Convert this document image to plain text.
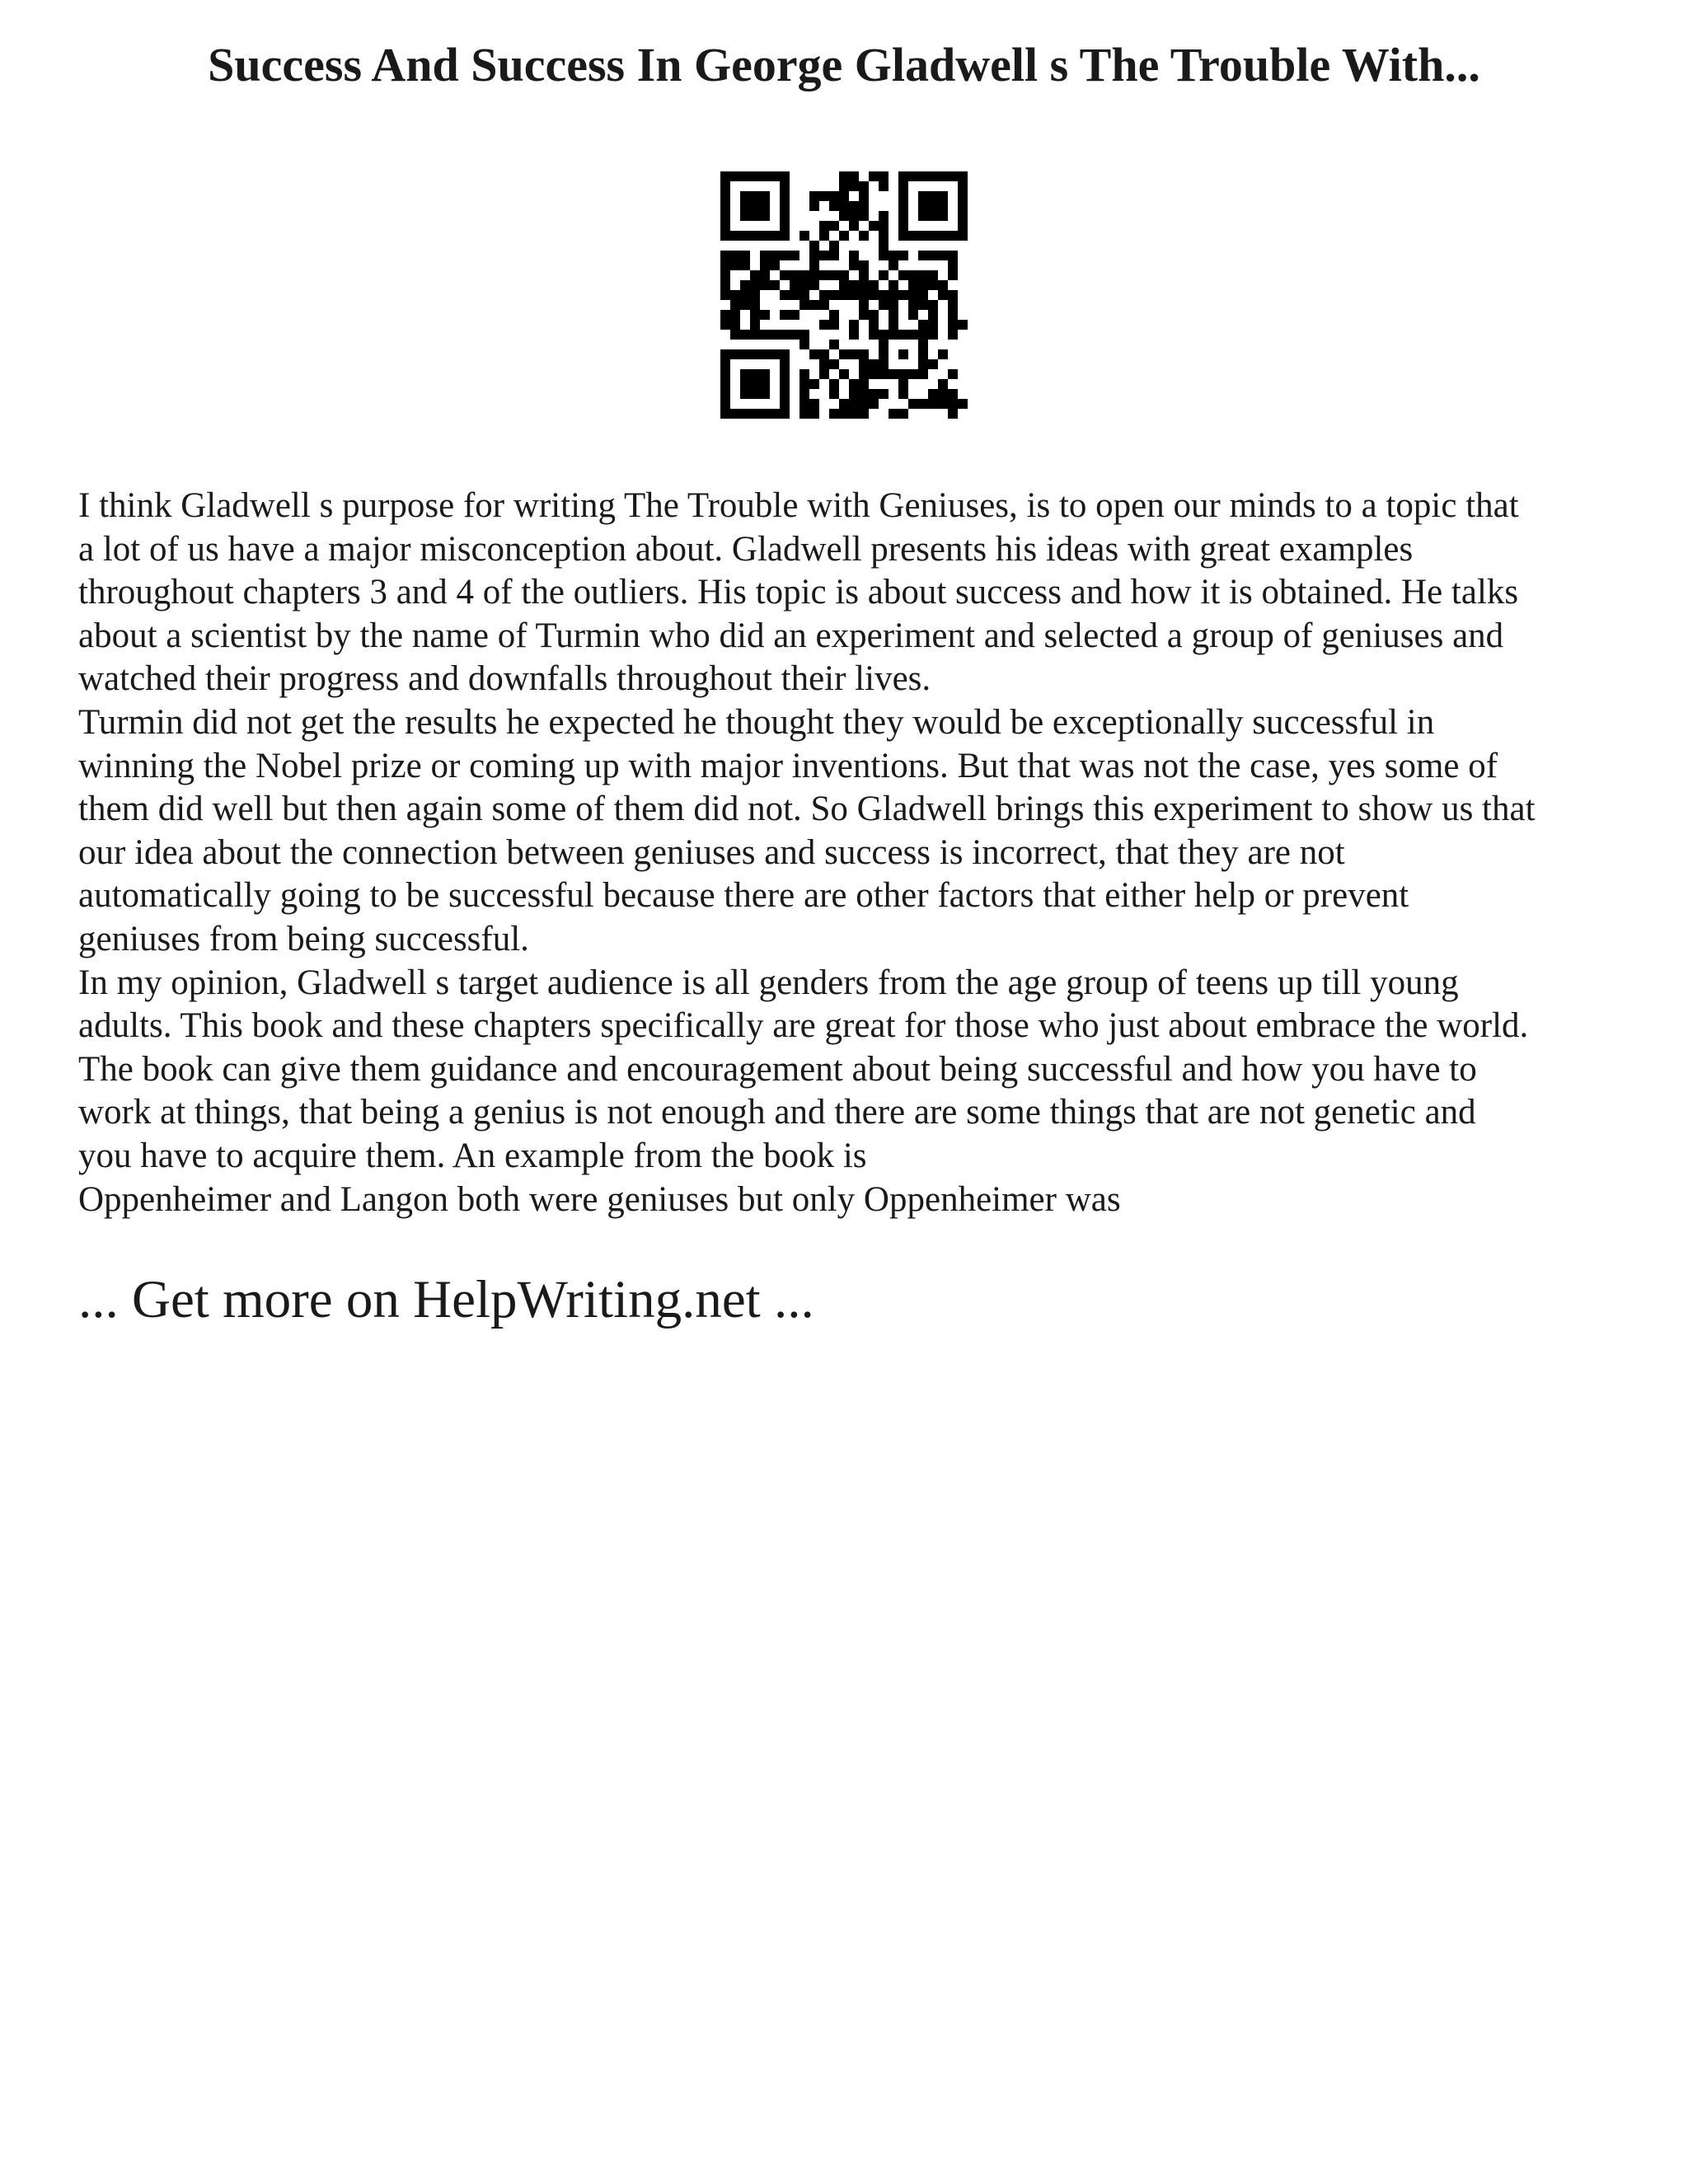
Success And Success In George Gladwell s The Trouble With...

I think Gladwell s purpose for writing The Trouble with Geniuses, is to open our minds to a topic that

a lot of us have a major misconception about. Gladwell presents his ideas with great examples

throughout chapters 3 and 4 of the outliers. His topic is about success and how it is obtained. He talks

about a scientist by the name of Turmin who did an experiment and selected a group of geniuses and

watched their progress and downfalls throughout their lives.

Turmin did not get the results he expected he thought they would be exceptionally successful in

winning the Nobel prize or coming up with major inventions. But that was not the case, yes some of

them did well but then again some of them did not. So Gladwell brings this experiment to show us that

our idea about the connection between geniuses and success is incorrect, that they are not

automatically going to be successful because there are other factors that either help or prevent

geniuses from being successful.

In my opinion, Gladwell s target audience is all genders from the age group of teens up till young

adults. This book and these chapters specifically are great for those who just about embrace the world.

The book can give them guidance and encouragement about being successful and how you have to

work at things, that being a genius is not enough and there are some things that are not genetic and

you have to acquire them. An example from the book is

Oppenheimer and Langon both were geniuses but only Oppenheimer was

... Get more on HelpWriting.net ...
